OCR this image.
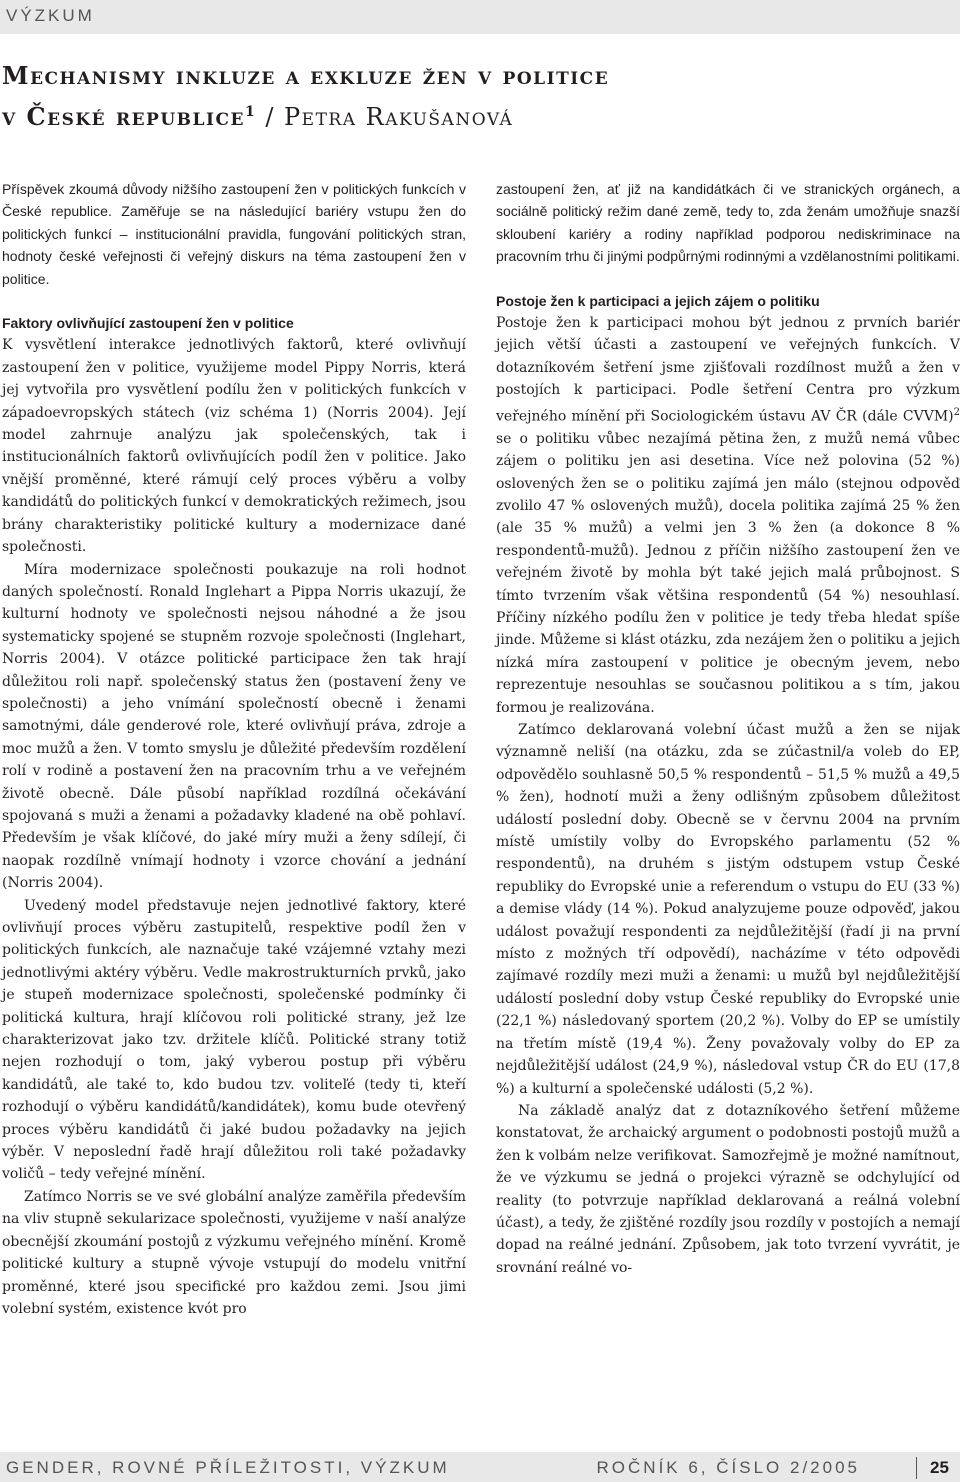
VÝZKUM
Mechanismy inkluze a exkluze žen v politice
v České republice$^1$ / Petra Rakušanová

Příspěvek zkoumá důvody nižšího zastoupení žen v politických funkcích v České republice. Zaměřuje se na následující bariéry vstupu žen do politických funkcí – institucionální pravidla, fungování politických stran, hodnoty české veřejnosti či veřejný diskurs na téma zastoupení žen v politice.

Faktory ovlivňující zastoupení žen v politice

K vysvětlení interakce jednotlivých faktorů, které ovlivňují zastoupení žen v politice, využijeme model Pippy Norris, která jej vytvořila pro vysvětlení podílu žen v politických funkcích v západoevropských státech (viz schéma 1) (Norris 2004). Její model zahrnuje analýzu jak společenských, tak i institucionálních faktorů ovlivňujících podíl žen v politice. Jako vnější proměnné, které rámují celý proces výběru a volby kandidátů do politických funkcí v demokratických režimech, jsou brány charakteristiky politické kultury a modernizace dané společnosti.

Míra modernizace společnosti poukazuje na roli hodnot daných společností. Ronald Inglehart a Pippa Norris ukazují, že kulturní hodnoty ve společnosti nejsou náhodné a že jsou systematicky spojené se stupněm rozvoje společnosti (Inglehart, Norris 2004). V otázce politické participace žen tak hrají důležitou roli např. společenský status žen (postavení ženy ve společnosti) a jeho vnímání společností obecně i ženami samotnými, dále genderové role, které ovlivňují práva, zdroje a moc mužů a žen. V tomto smyslu je důležité především rozdělení rolí v rodině a postavení žen na pracovním trhu a ve veřejném životě obecně. Dále působí například rozdílná očekávání spojovaná s muži a ženami a požadavky kladené na obě pohlaví. Především je však klíčové, do jaké míry muži a ženy sdílejí, či naopak rozdílně vnímají hodnoty i vzorce chování a jednání (Norris 2004).

Uvedený model představuje nejen jednotlivé faktory, které ovlivňují proces výběru zastupitelů, respektive podíl žen v politických funkcích, ale naznačuje také vzájemné vztahy mezi jednotlivými aktéry výběru. Vedle makrostrukturních prvků, jako je stupeň modernizace společnosti, společenské podmínky či politická kultura, hrají klíčovou roli politické strany, jež lze charakterizovat jako tzv. držitele klíčů. Politické strany totiž nejen rozhodují o tom, jaký vyberou postup při výběru kandidátů, ale také to, kdo budou tzv. voliteľé (tedy ti, kteří rozhodují o výběru kandidátů/kandidátek), komu bude otevřený proces výběru kandidátů či jaké budou požadavky na jejich výběr. V neposlední řadě hrají důležitou roli také požadavky voličů – tedy veřejné mínění.

Zatímco Norris se ve své globální analýze zaměřila především na vliv stupně sekularizace společnosti, využijeme v naší analýze obecnější zkoumání postojů z výzkumu veřejného mínění. Kromě politické kultury a stupně vývoje vstupují do modelu vnitřní proměnné, které jsou specifické pro každou zemi. Jsou jimi volební systém, existence kvót pro

zastoupení žen, ať již na kandidátkách či ve stranických orgánech, a sociálně politický režim dané země, tedy to, zda ženám umožňuje snazší skloubení kariéry a rodiny například podporou nediskriminace na pracovním trhu či jinými podpůrnými rodinnými a vzdělanostními politikami.

Postoje žen k participaci a jejich zájem o politiku

Postoje žen k participaci mohou být jednou z prvních bariér jejich větší účasti a zastoupení ve veřejných funkcích. V dotazníkovém šetření jsme zjišťovali rozdílnost mužů a žen v postojích k participaci. Podle šetření Centra pro výzkum veřejného mínění při Sociologickém ústavu AV ČR (dále CVVM)$^2$ se o politiku vůbec nezajímá pětina žen, z mužů nemá vůbec zájem o politiku jen asi desetina. Více než polovina (52 %) oslovených žen se o politiku zajímá jen málo (stejnou odpověď zvolilo 47 % oslovených mužů), docela politika zajímá 25 % žen (ale 35 % mužů) a velmi jen 3 % žen (a dokonce 8 % respondentů-mužů). Jednou z příčin nižšího zastoupení žen ve veřejném životě by mohla být také jejich malá průbojnost. S tímto tvrzením však většina respondentů (54 %) nesouhlasí. Příčiny nízkého podílu žen v politice je tedy třeba hledat spíše jinde. Můžeme si klást otázku, zda nezájem žen o politiku a jejich nízká míra zastoupení v politice je obecným jevem, nebo reprezentuje nesouhlas se současnou politikou a s tím, jakou formou je realizována.

Zatímco deklarovaná volební účast mužů a žen se nijak významně neliší (na otázku, zda se zúčastnil/a voleb do EP, odpovědělo souhlasně 50,5 % respondentů – 51,5 % mužů a 49,5 % žen), hodnotí muži a ženy odlišným způsobem důležitost událostí poslední doby. Obecně se v červnu 2004 na prvním místě umístily volby do Evropského parlamentu (52 % respondentů), na druhém s jistým odstupem vstup České republiky do Evropské unie a referendum o vstupu do EU (33 %) a demise vlády (14 %). Pokud analyzujeme pouze odpověď, jakou událost považují respondenti za nejdůležitější (řadí ji na první místo z možných tří odpovědí), nacházíme v této odpovědi zajímavé rozdíly mezi muži a ženami: u mužů byl nejdůležitější událostí poslední doby vstup České republiky do Evropské unie (22,1 %) následovaný sportem (20,2 %). Volby do EP se umístily na třetím místě (19,4 %). Ženy považovaly volby do EP za nejdůležitější událost (24,9 %), následoval vstup ČR do EU (17,8 %) a kulturní a společenské události (5,2 %).

Na základě analýz dat z dotazníkového šetření můžeme konstatovat, že archaický argument o podobnosti postojů mužů a žen k volbám nelze verifikovat. Samozřejmě je možné namítnout, že ve výzkumu se jedná o projekci výrazně se odchylující od reality (to potvrzuje například deklarovaná a reálná volební účast), a tedy, že zjištěné rozdíly jsou rozdíly v postojích a nemají dopad na reálné jednání. Způsobem, jak toto tvrzení vyvrátit, je srovnání reálné vo-

GENDER, ROVNÉ PŘÍLEŽITOSTI, VÝZKUM	ROČNÍK 6, ČÍSLO 2/2005	25
